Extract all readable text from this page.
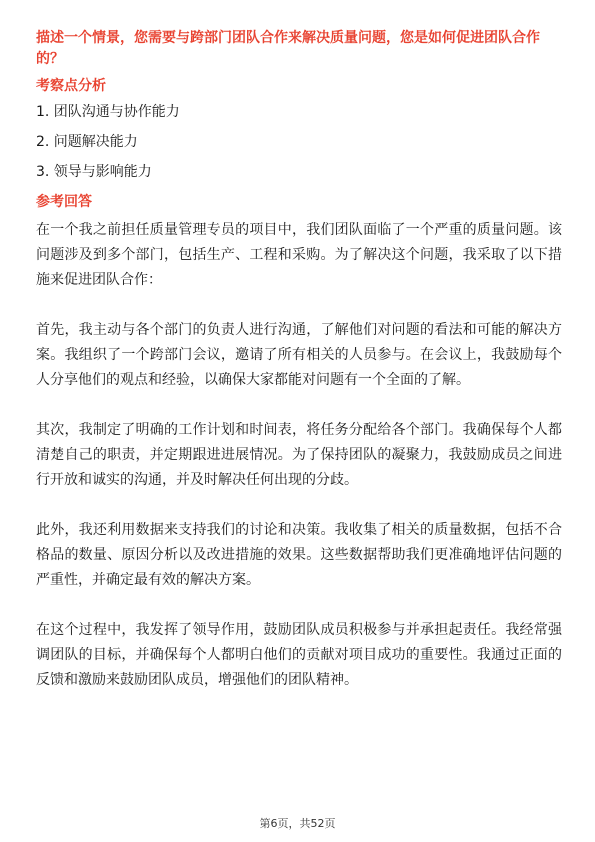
描述一个情景，您需要与跨部门团队合作来解决质量问题，您是如何促进团队合作的？

考察点分析
1. 团队沟通与协作能力
2. 问题解决能力
3. 领导与影响能力
参考回答

在一个我之前担任质量管理专员的项目中，我们团队面临了一个严重的质量问题。该问题涉及到多个部门，包括生产、工程和采购。为了解决这个问题，我采取了以下措施来促进团队合作：

首先，我主动与各个部门的负责人进行沟通，了解他们对问题的看法和可能的解决方案。我组织了一个跨部门会议，邀请了所有相关的人员参与。在会议上，我鼓励每个人分享他们的观点和经验，以确保大家都能对问题有一个全面的了解。

其次，我制定了明确的工作计划和时间表，将任务分配给各个部门。我确保每个人都清楚自己的职责，并定期跟进进展情况。为了保持团队的凝聚力，我鼓励成员之间进行开放和诚实的沟通，并及时解决任何出现的分歧。

此外，我还利用数据来支持我们的讨论和决策。我收集了相关的质量数据，包括不合格品的数量、原因分析以及改进措施的效果。这些数据帮助我们更准确地评估问题的严重性，并确定最有效的解决方案。

在这个过程中，我发挥了领导作用，鼓励团队成员积极参与并承担起责任。我经常强调团队的目标，并确保每个人都明白他们的贡献对项目成功的重要性。我通过正面的反馈和激励来鼓励团队成员，增强他们的团队精神。

第6页，共52页
